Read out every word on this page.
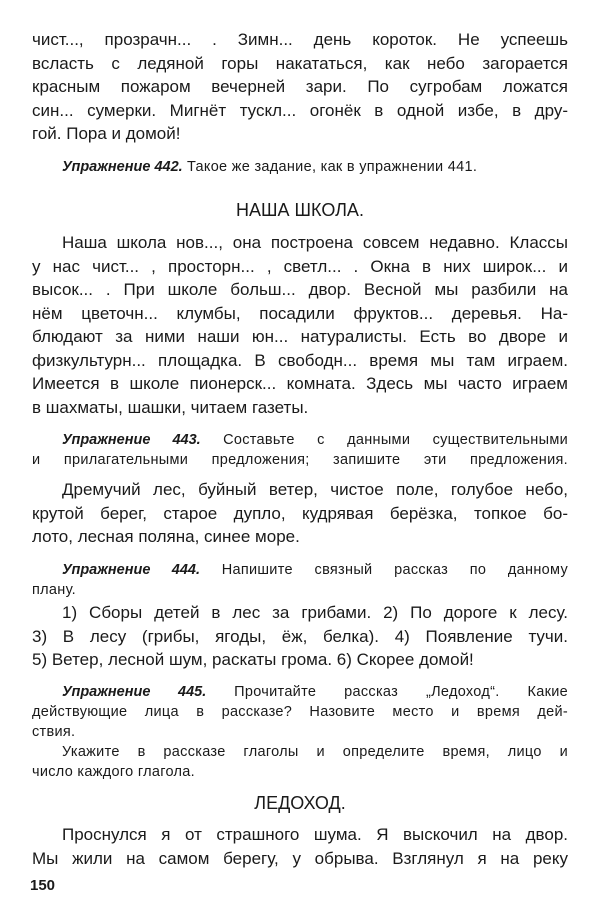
чист..., прозрачн... . Зимн... день короток. Не успеешь
всласть с ледяной горы накататься, как небо загорается
красным пожаром вечерней зари. По сугробам ложатся
син... сумерки. Мигнёт тускл... огонёк в одной избе, в дру-
гой. Пора и домой!
Упражнение 442. Такое же задание, как в упражнении 441.
НАША ШКОЛА.
Наша школа нов..., она построена совсем недавно. Классы
у нас чист... , просторн... , светл... . Окна в них широк... и
высок... . При школе больш... двор. Весной мы разбили на
нём цветочн... клумбы, посадили фруктов... деревья. На-
блюдают за ними наши юн... натуралисты. Есть во дворе и
физкультурн... площадка. В свободн... время мы там играем.
Имеется в школе пионерск... комната. Здесь мы часто играем
в шахматы, шашки, читаем газеты.
Упражнение 443. Составьте с данными существительными
и прилагательными предложения; запишите эти предложения.
Дремучий лес, буйный ветер, чистое поле, голубое небо,
крутой берег, старое дупло, кудрявая берёзка, топкое бо-
лото, лесная поляна, синее море.
Упражнение 444. Напишите связный рассказ по данному
плану.
1) Сборы детей в лес за грибами. 2) По дороге к лесу.
3) В лесу (грибы, ягоды, ёж, белка). 4) Появление тучи.
5) Ветер, лесной шум, раскаты грома. 6) Скорее домой!
Упражнение 445. Прочитайте рассказ „Ледоход“. Какие
действующие лица в рассказе? Назовите место и время дей-
ствия.
Укажите в рассказе глаголы и определите время, лицо и
число каждого глагола.
ЛЕДОХОД.
Проснулся я от страшного шума. Я выскочил на двор.
Мы жили на самом берегу, у обрыва. Взглянул я на реку
150
